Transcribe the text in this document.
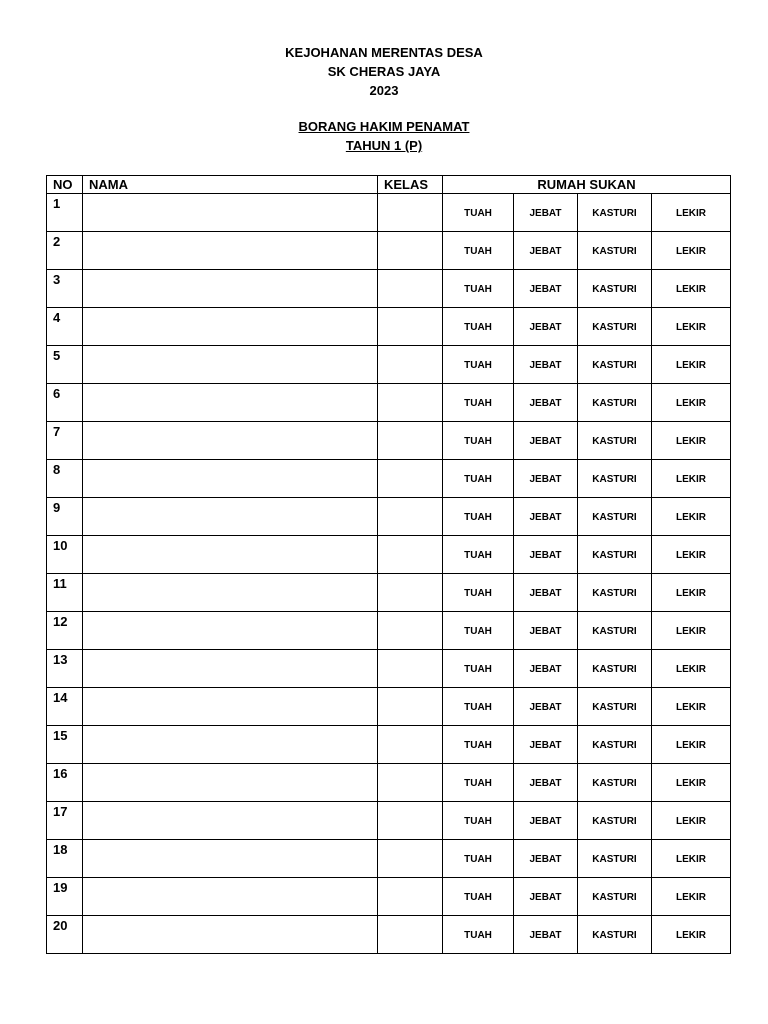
KEJOHANAN MERENTAS DESA
SK CHERAS JAYA
2023
BORANG HAKIM PENAMAT
TAHUN 1 (P)
NO	NAMA	KELAS	RUMAH SUKAN			
1			TUAH	JEBAT	KASTURI	LEKIR
2			TUAH	JEBAT	KASTURI	LEKIR
3			TUAH	JEBAT	KASTURI	LEKIR
4			TUAH	JEBAT	KASTURI	LEKIR
5			TUAH	JEBAT	KASTURI	LEKIR
6			TUAH	JEBAT	KASTURI	LEKIR
7			TUAH	JEBAT	KASTURI	LEKIR
8			TUAH	JEBAT	KASTURI	LEKIR
9			TUAH	JEBAT	KASTURI	LEKIR
10			TUAH	JEBAT	KASTURI	LEKIR
11			TUAH	JEBAT	KASTURI	LEKIR
12			TUAH	JEBAT	KASTURI	LEKIR
13			TUAH	JEBAT	KASTURI	LEKIR
14			TUAH	JEBAT	KASTURI	LEKIR
15			TUAH	JEBAT	KASTURI	LEKIR
16			TUAH	JEBAT	KASTURI	LEKIR
17			TUAH	JEBAT	KASTURI	LEKIR
18			TUAH	JEBAT	KASTURI	LEKIR
19			TUAH	JEBAT	KASTURI	LEKIR
20			TUAH	JEBAT	KASTURI	LEKIR
